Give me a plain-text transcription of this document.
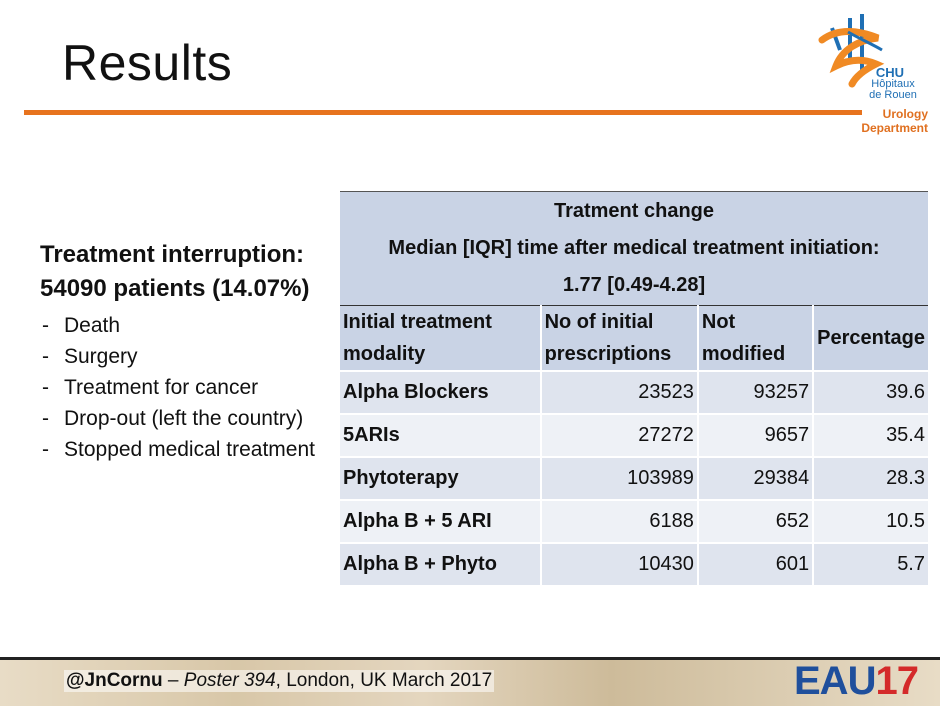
Results	CHU
Hôpitaux
de Rouen
Urology
Department
Treatment interruption:
54090 patients (14.07%)
- Death
- Surgery
- Treatment for cancer
- Drop-out (left the country)
- Stopped medical treatment
Tratment change
Median [IQR] time after medical treatment initiation:
1.77 [0.49-4.28]			

Initial treatment modality	No of initial prescriptions	Not modified	Percentage
Alpha Blockers	23523	93257	39.6
5ARIs	27272	9657	35.4
Phytoterapy	103989	29384	28.3
Alpha B + 5 ARI	6188	652	10.5
Alpha B + Phyto	10430	601	5.7
@JnCornu – Poster 394, London, UK March 2017	EAU17
